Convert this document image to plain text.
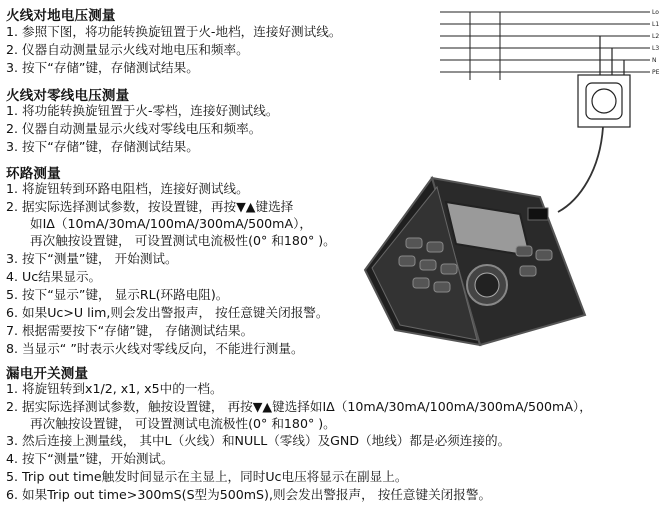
火线对地电压测量
1. 参照下图，将功能转换旋钮置于火-地档，连接好测试线。
2. 仪器自动测量显示火线对地电压和频率。
3. 按下“存储”键，存储测试结果。
火线对零线电压测量
1. 将功能转换旋钮置于火-零档，连接好测试线。
2. 仪器自动测量显示火线对零线电压和频率。
3. 按下“存储”键，存储测试结果。
环路测量
1. 将旋钮转到环路电阻档，连接好测试线。
2. 据实际选择测试参数，按设置键，再按▼▲键选择
如IΔ（10mA/30mA/100mA/300mA/500mA），
再次触按设置键， 可设置测试电流极性(0° 和180° )。
3. 按下“测量”键， 开始测试。
4. Uc结果显示。
5. 按下“显示”键， 显示RL(环路电阻)。
6. 如果Uc>U lim,则会发出警报声， 按任意键关闭报警。
7. 根据需要按下“存储”键， 存储测试结果。
8. 当显示“ ”时表示火线对零线反向，不能进行测量。
漏电开关测量
1. 将旋钮转到x1/2, x1, x5中的一档。
2. 据实际选择测试参数，触按设置键， 再按▼▲键选择如IΔ（10mA/30mA/100mA/300mA/500mA），
再次触按设置键， 可设置测试电流极性(0° 和180° )。
3. 然后连接上测量线， 其中L（火线）和NULL（零线）及GND（地线）都是必须连接的。
4. 按下“测量”键，开始测试。
5. Trip out time触发时间显示在主显上，同时Uc电压将显示在副显上。
6. 如果Trip out time>300mS(S型为500mS),则会发出警报声， 按任意键关闭报警。
Lo
L1
L2
L3
N
PE
